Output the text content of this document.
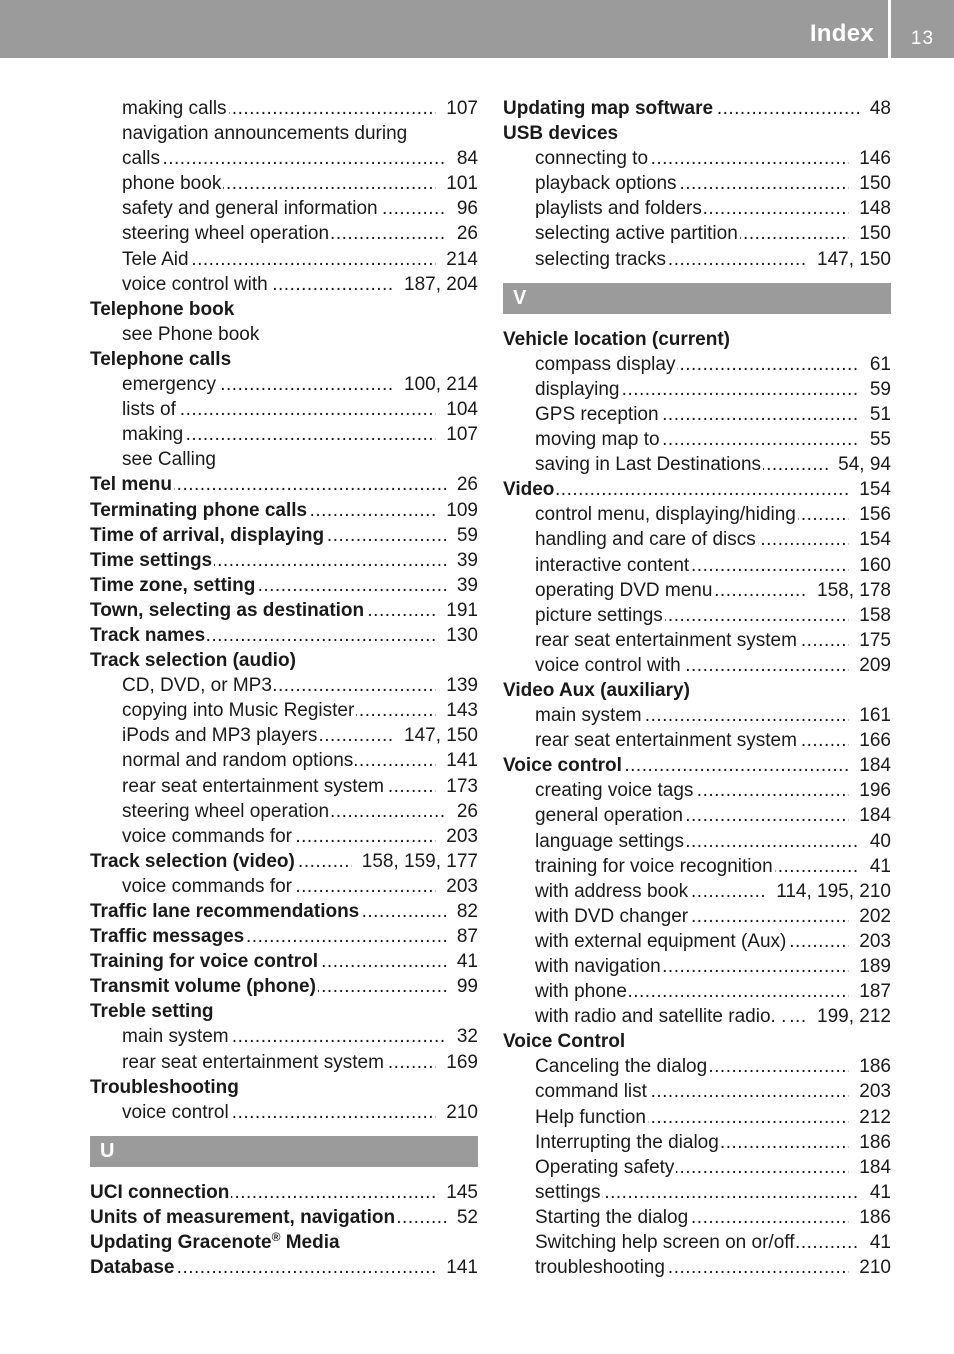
Index	13
..... making calls	107
navigation announcements during
..... calls	84
..... phone book	101
..... safety and general information	96
..... steering wheel operation	26
..... Tele Aid	214
..... voice control with	187, 204
Telephone book
see Phone book
Telephone calls
..... emergency	100, 214
..... lists of	104
..... making	107
see Calling
..... Tel menu	26
..... Terminating phone calls	109
..... Time of arrival, displaying	59
..... Time settings	39
..... Time zone, setting	39
..... Town, selecting as destination	191
..... Track names	130
Track selection (audio)
..... CD, DVD, or MP3	139
..... copying into Music Register	143
..... iPods and MP3 players	147, 150
..... normal and random options	141
..... rear seat entertainment system	173
..... steering wheel operation	26
..... voice commands for	203
..... Track selection (video)	158, 159, 177
..... voice commands for	203
..... Traffic lane recommendations	82
..... Traffic messages	87
..... Training for voice control	41
..... Transmit volume (phone)	99
Treble setting
..... main system	32
..... rear seat entertainment system	169
Troubleshooting
..... voice control	210
U
..... UCI connection	145
..... Units of measurement, navigation	52
Updating Gracenote® Media
..... Database	141
..... Updating map software	48
USB devices
..... connecting to	146
..... playback options	150
..... playlists and folders	148
..... selecting active partition	150
..... selecting tracks	147, 150
V
Vehicle location (current)
..... compass display	61
..... displaying	59
..... GPS reception	51
..... moving map to	55
..... saving in Last Destinations	54, 94
..... Video	154
..... control menu, displaying/hiding	156
..... handling and care of discs	154
..... interactive content	160
..... operating DVD menu	158, 178
..... picture settings	158
..... rear seat entertainment system	175
..... voice control with	209
Video Aux (auxiliary)
..... main system	161
..... rear seat entertainment system	166
..... Voice control	184
..... creating voice tags	196
..... general operation	184
..... language settings	40
..... training for voice recognition	41
..... with address book	114, 195, 210
..... with DVD changer	202
..... with external equipment (Aux)	203
..... with navigation	189
..... with phone	187
..... with radio and satellite radio. .	199, 212
Voice Control
..... Canceling the dialog	186
..... command list	203
..... Help function	212
..... Interrupting the dialog	186
..... Operating safety	184
..... settings	41
..... Starting the dialog	186
..... Switching help screen on or/off	41
..... troubleshooting	210
